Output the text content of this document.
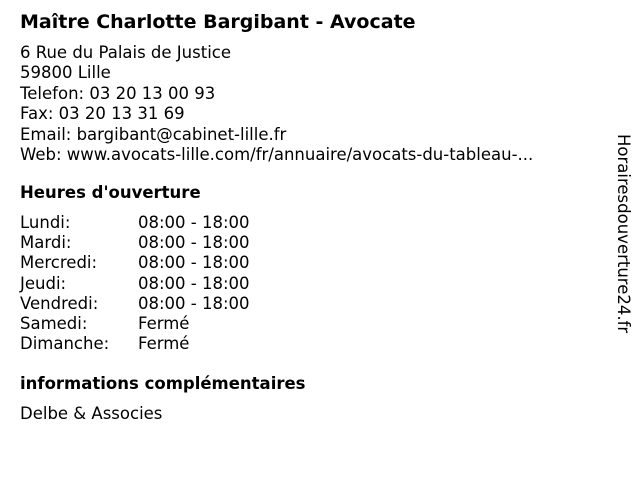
Maître Charlotte Bargibant - Avocate
6 Rue du Palais de Justice
59800 Lille
Telefon: 03 20 13 00 93
Fax: 03 20 13 31 69
Email: bargibant@cabinet-lille.fr
Web: www.avocats-lille.com/fr/annuaire/avocats-du-tableau-...
Heures d'ouverture
Lundi:	08:00 - 18:00
Mardi:	08:00 - 18:00
Mercredi: 08:00 - 18:00
Jeudi:	08:00 - 18:00
Vendredi: 08:00 - 18:00
Samedi:	Fermé
Dimanche: Fermé
informations complémentaires
Delbe & Associes
Horairesdouverture24.fr
